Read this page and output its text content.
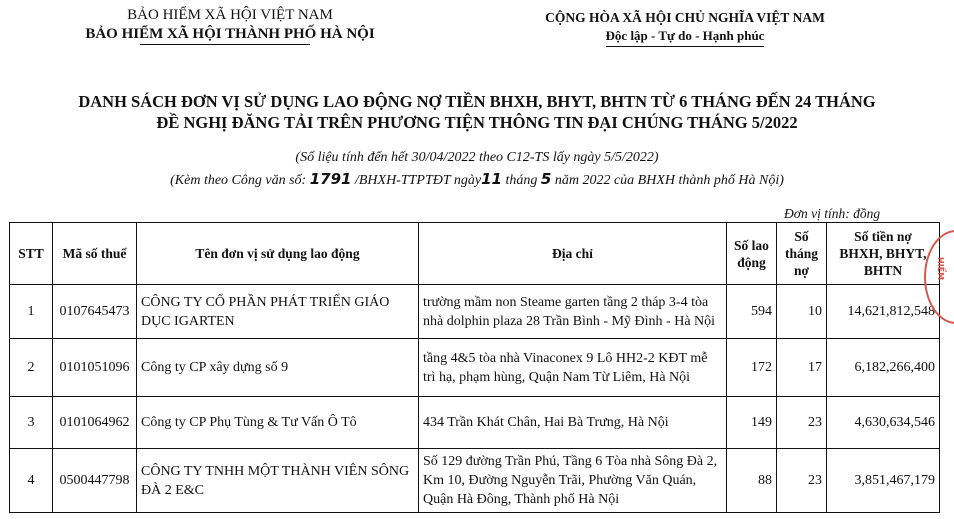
BẢO HIỂM XÃ HỘI VIỆT NAM
BẢO HIỂM XÃ HỘI THÀNH PHỐ HÀ NỘI
CỘNG HÒA XÃ HỘI CHỦ NGHĨA VIỆT NAM
Độc lập - Tự do - Hạnh phúc
DANH SÁCH ĐƠN VỊ SỬ DỤNG LAO ĐỘNG NỢ TIỀN BHXH, BHYT, BHTN TỪ 6 THÁNG ĐẾN 24 THÁNG
ĐỀ NGHỊ ĐĂNG TẢI TRÊN PHƯƠNG TIỆN THÔNG TIN ĐẠI CHÚNG THÁNG 5/2022
(Số liệu tính đến hết 30/04/2022 theo C12-TS lấy ngày 5/5/2022)
(Kèm theo Công văn số: 1791 /BHXH-TTPTĐT ngày11 tháng 5 năm 2022 của BHXH thành phố Hà Nội)
Đơn vị tính: đồng
STT	Mã số thuế	Tên đơn vị sử dụng lao động	Địa chỉ	Số lao động	Số tháng nợ	Số tiền nợ BHXH, BHYT, BHTN
1	0107645473	CÔNG TY CỔ PHẦN PHÁT TRIỂN GIÁO DỤC IGARTEN	trường mầm non Steame garten tầng 2 tháp 3-4 tòa nhà dolphin plaza 28 Trần Bình - Mỹ Đình - Hà Nội	594	10	14,621,812,548
2	0101051096	Công ty CP xây dựng số 9	tầng 4&5 tòa nhà Vinaconex 9 Lô HH2-2 KĐT mễ trì hạ, phạm hùng, Quận Nam Từ Liêm, Hà Nội	172	17	6,182,266,400
3	0101064962	Công ty CP Phụ Tùng & Tư Vấn Ô Tô	434 Trần Khát Chân, Hai Bà Trưng, Hà Nội	149	23	4,630,634,546
4	0500447798	CÔNG TY TNHH MỘT THÀNH VIÊN SÔNG ĐÀ 2 E&C	Số 129 đường Trần Phú, Tầng 6 Tòa nhà Sông Đà 2, Km 10, Đường Nguyễn Trãi, Phường Văn Quán, Quận Hà Đông, Thành phố Hà Nội	88	23	3,851,467,179
HIỂM
